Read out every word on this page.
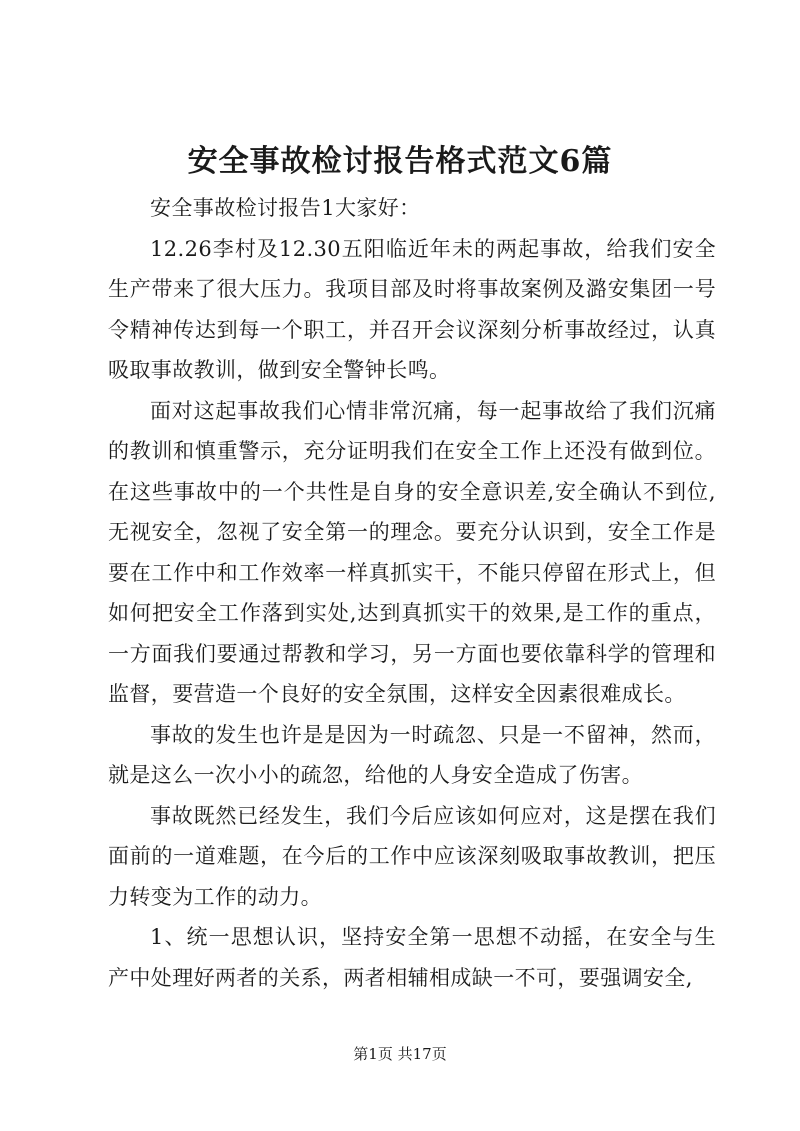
安全事故检讨报告格式范文6篇

安全事故检讨报告1大家好：

12.26李村及12.30五阳临近年未的两起事故，给我们安全生产带来了很大压力。我项目部及时将事故案例及潞安集团一号令精神传达到每一个职工，并召开会议深刻分析事故经过，认真吸取事故教训，做到安全警钟长鸣。

面对这起事故我们心情非常沉痛，每一起事故给了我们沉痛的教训和慎重警示，充分证明我们在安全工作上还没有做到位。在这些事故中的一个共性是自身的安全意识差,安全确认不到位,无视安全，忽视了安全第一的理念。要充分认识到，安全工作是要在工作中和工作效率一样真抓实干，不能只停留在形式上，但如何把安全工作落到实处,达到真抓实干的效果,是工作的重点，一方面我们要通过帮教和学习，另一方面也要依靠科学的管理和监督，要营造一个良好的安全氛围，这样安全因素很难成长。

事故的发生也许是是因为一时疏忽、只是一不留神，然而，就是这么一次小小的疏忽，给他的人身安全造成了伤害。

事故既然已经发生，我们今后应该如何应对，这是摆在我们面前的一道难题，在今后的工作中应该深刻吸取事故教训，把压力转变为工作的动力。

1、统一思想认识，坚持安全第一思想不动摇，在安全与生产中处理好两者的关系，两者相辅相成缺一不可，要强调安全,

第1页 共17页
